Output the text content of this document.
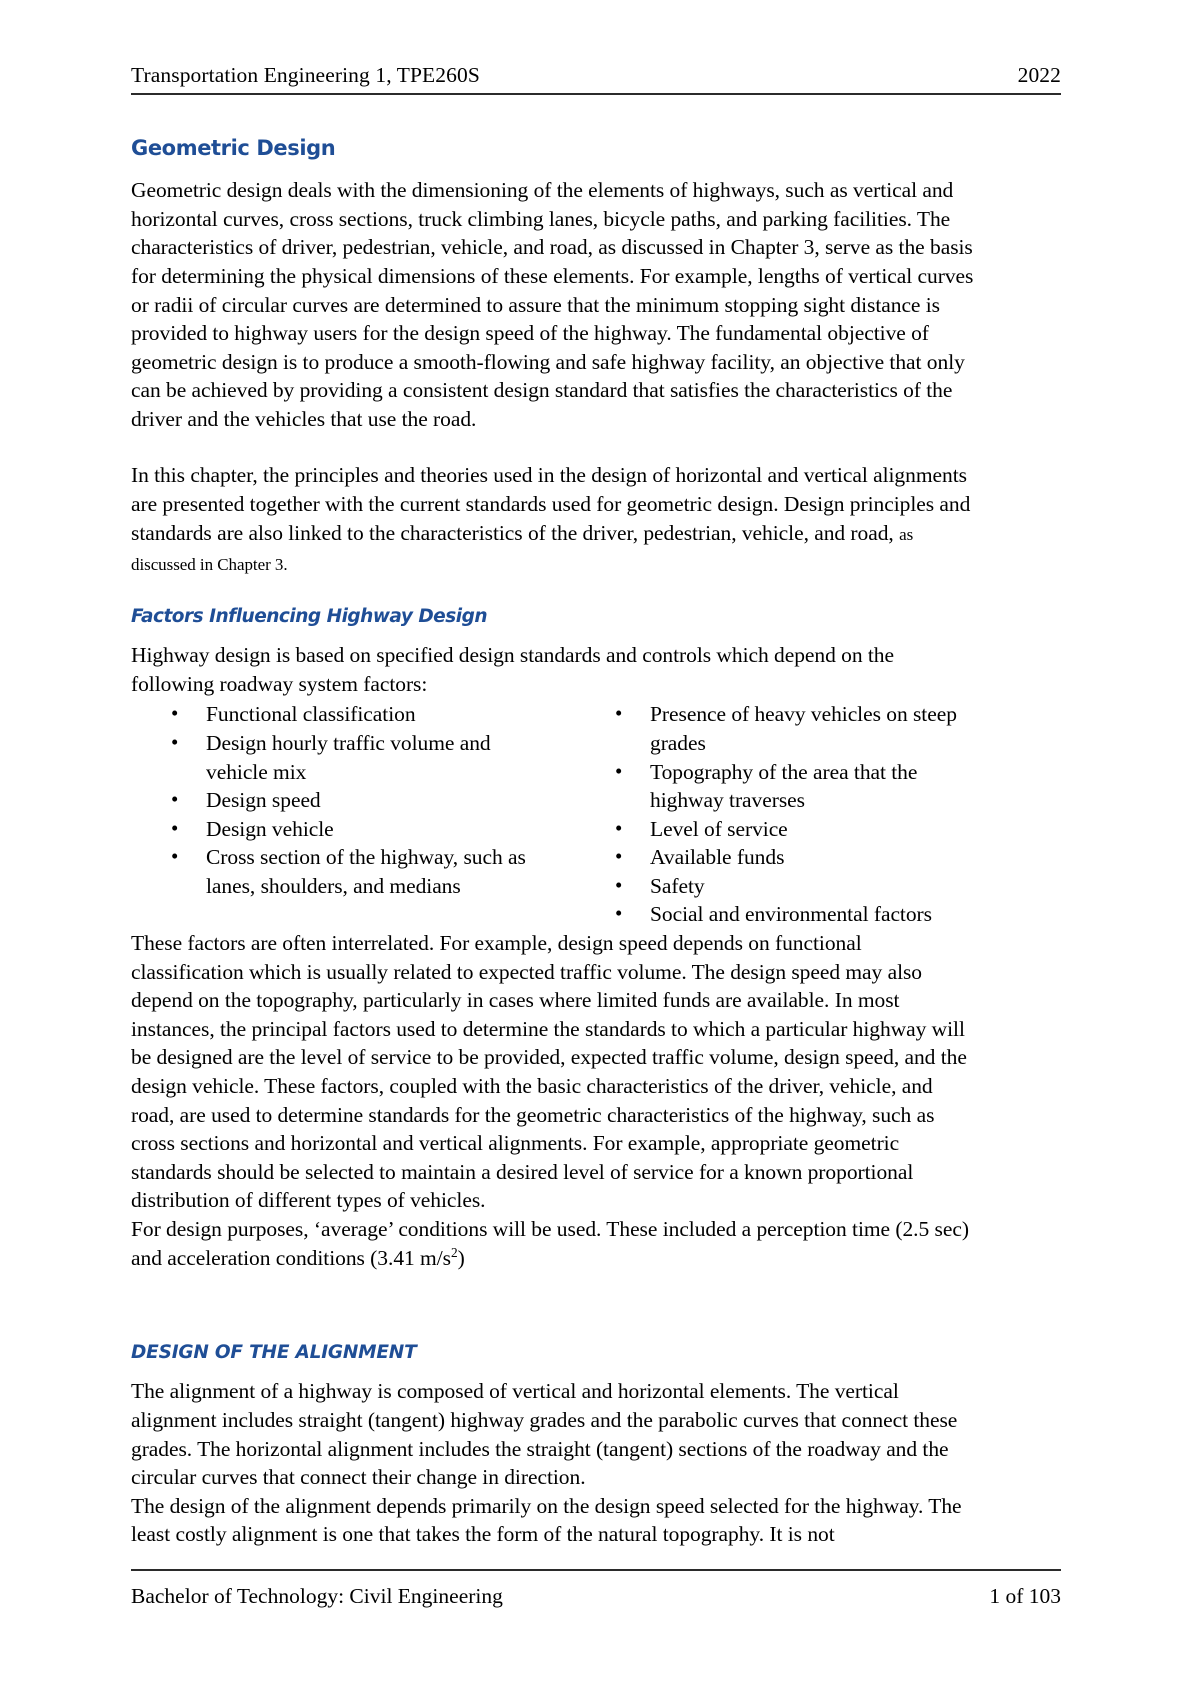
Transportation Engineering 1, TPE260S	2022
Geometric Design

Geometric design deals with the dimensioning of the elements of highways, such as vertical and horizontal curves, cross sections, truck climbing lanes, bicycle paths, and parking facilities. The characteristics of driver, pedestrian, vehicle, and road, as discussed in Chapter 3, serve as the basis for determining the physical dimensions of these elements. For example, lengths of vertical curves or radii of circular curves are determined to assure that the minimum stopping sight distance is provided to highway users for the design speed of the highway. The fundamental objective of geometric design is to produce a smooth-flowing and safe highway facility, an objective that only can be achieved by providing a consistent design standard that satisfies the characteristics of the driver and the vehicles that use the road.

In this chapter, the principles and theories used in the design of horizontal and vertical alignments are presented together with the current standards used for geometric design. Design principles and standards are also linked to the characteristics of the driver, pedestrian, vehicle, and road, as discussed in Chapter 3.

Factors Influencing Highway Design

Highway design is based on specified design standards and controls which depend on the following roadway system factors:

• Functional classification
• Design hourly traffic volume and vehicle mix
• Design speed
• Design vehicle
• Cross section of the highway, such as lanes, shoulders, and medians
• Presence of heavy vehicles on steep grades
• Topography of the area that the highway traverses
• Level of service
• Available funds
• Safety
• Social and environmental factors

These factors are often interrelated. For example, design speed depends on functional classification which is usually related to expected traffic volume. The design speed may also depend on the topography, particularly in cases where limited funds are available. In most instances, the principal factors used to determine the standards to which a particular highway will be designed are the level of service to be provided, expected traffic volume, design speed, and the design vehicle. These factors, coupled with the basic characteristics of the driver, vehicle, and road, are used to determine standards for the geometric characteristics of the highway, such as cross sections and horizontal and vertical alignments. For example, appropriate geometric standards should be selected to maintain a desired level of service for a known proportional distribution of different types of vehicles.

For design purposes, ‘average’ conditions will be used. These included a perception time (2.5 sec) and acceleration conditions (3.41 $m/s^2$)

DESIGN OF THE ALIGNMENT

The alignment of a highway is composed of vertical and horizontal elements. The vertical alignment includes straight (tangent) highway grades and the parabolic curves that connect these grades. The horizontal alignment includes the straight (tangent) sections of the roadway and the circular curves that connect their change in direction.

The design of the alignment depends primarily on the design speed selected for the highway. The least costly alignment is one that takes the form of the natural topography. It is not

Bachelor of Technology: Civil Engineering	1 of 103
